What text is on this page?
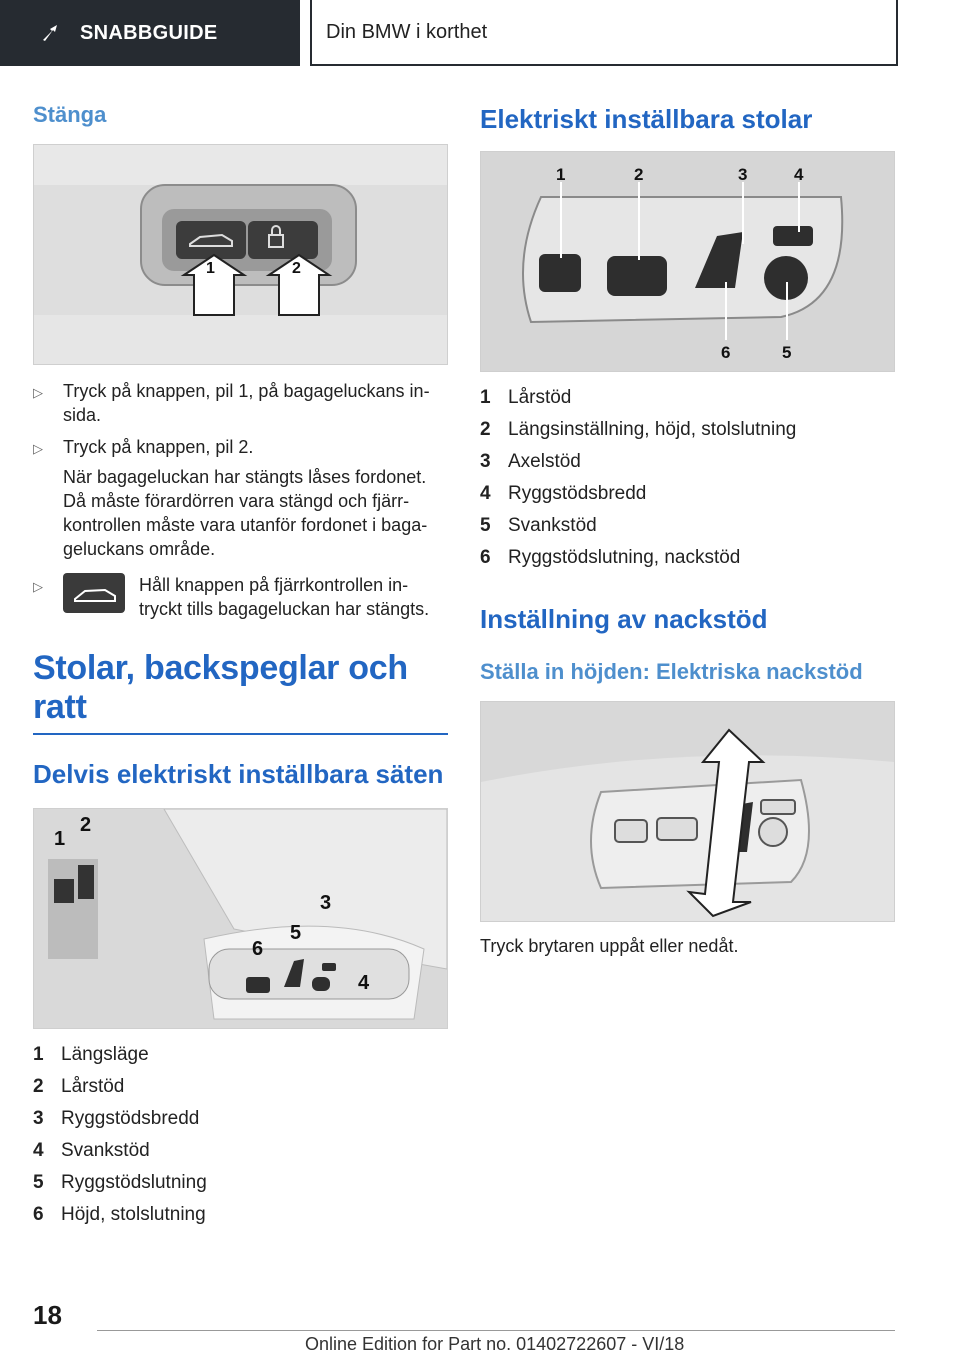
SNABBGUIDE	Din BMW i korthet
Stänga
1	2
▷	Tryck på knappen, pil 1, på bagageluckans in-sida.
▷	Tryck på knappen, pil 2.
När bagageluckan har stängts låses fordonet. Då måste förardörren vara stängd och fjärr-kontrollen måste vara utanför fordonet i baga-geluckans område.
▷	Håll knappen på fjärrkontrollen in-tryckt tills bagageluckan har stängts.
Stolar, backspeglar och ratt
Delvis elektriskt inställbara säten
1
2
3
4
5
6
1 Längsläge
2 Lårstöd
3 Ryggstödsbredd
4 Svankstöd
5 Ryggstödslutning
6 Höjd, stolslutning
Elektriskt inställbara stolar
1	2	3	4
5
6
1 Lårstöd
2 Längsinställning, höjd, stolslutning
3 Axelstöd
4 Ryggstödsbredd
5 Svankstöd
6 Ryggstödslutning, nackstöd
Inställning av nackstöd
Ställa in höjden: Elektriska nackstöd
Tryck brytaren uppåt eller nedåt.
18
Online Edition for Part no. 01402722607 - VI/18
